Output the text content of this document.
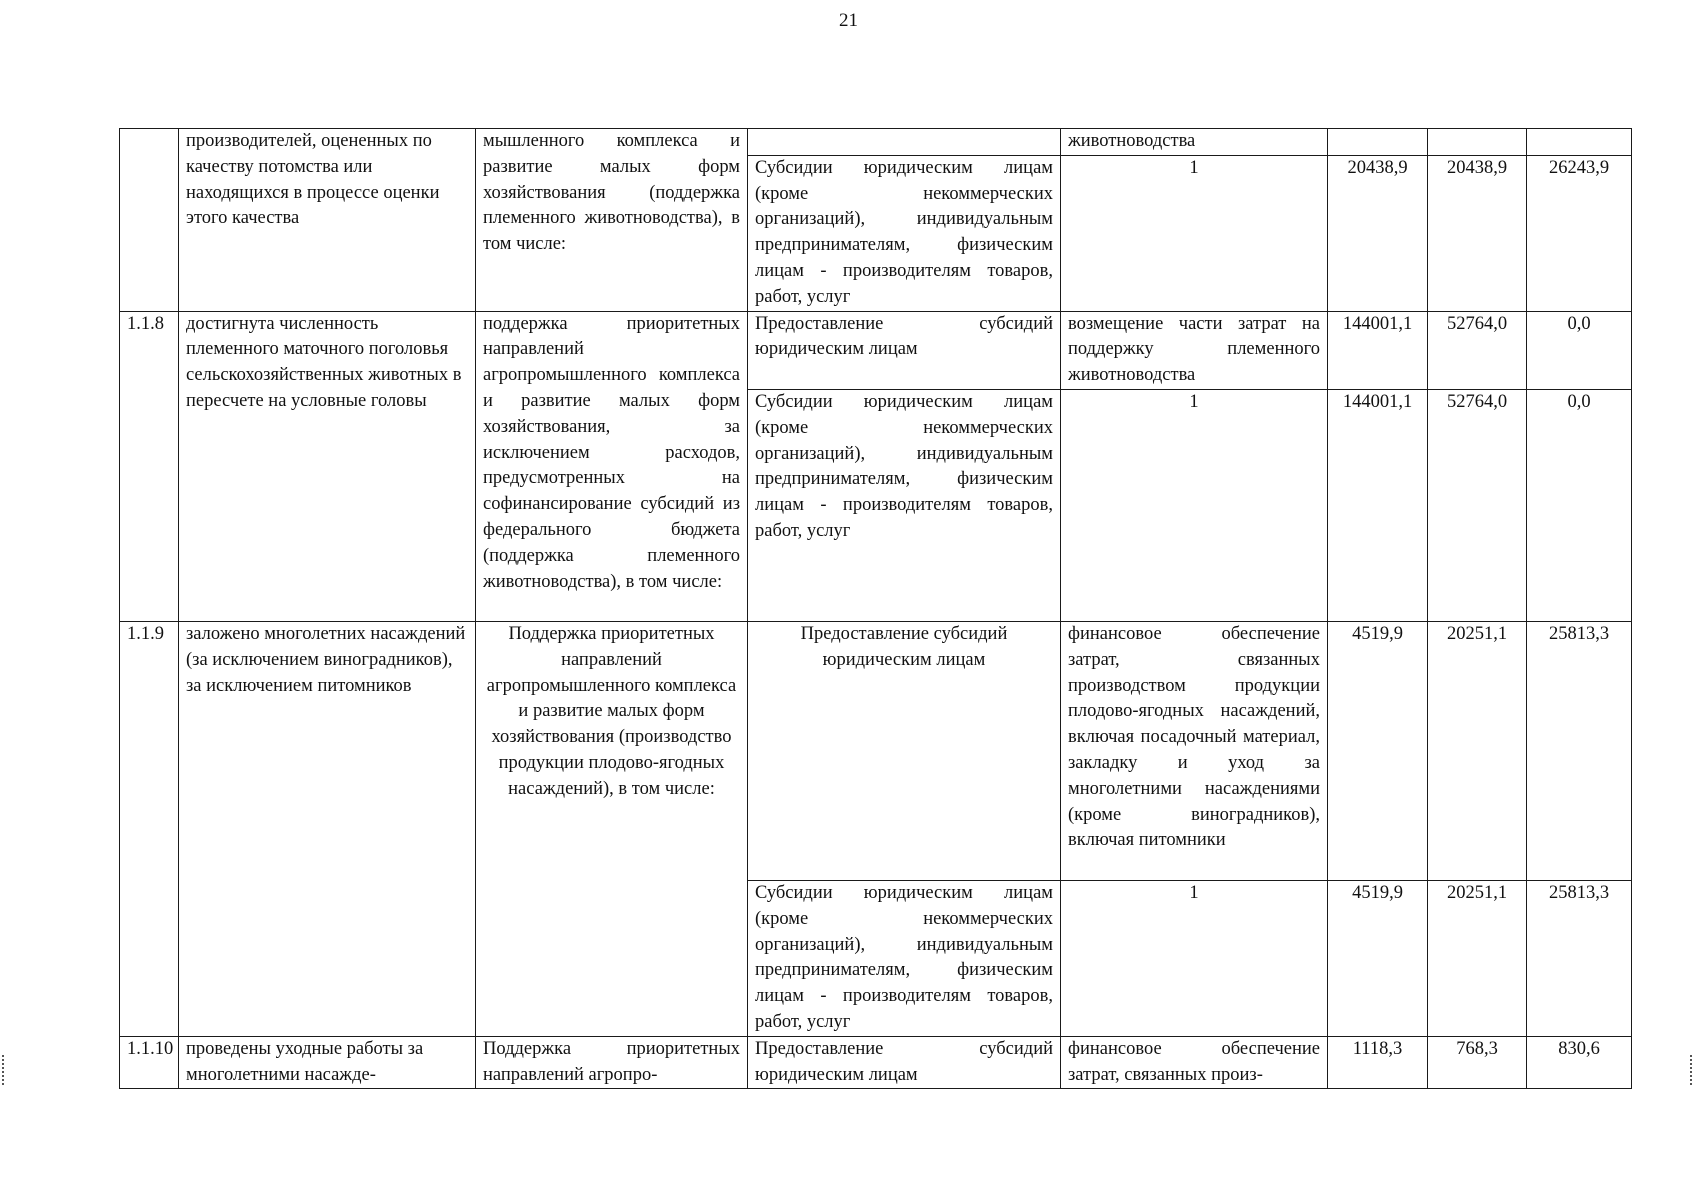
21
	производителей, оцененных по качеству потомства или находящихся в процессе оценки этого качества	мышленного комплекса и развитие малых форм хозяйствования (поддержка племенного животноводства), в том числе:		животноводства			
			Субсидии юридическим лицам (кроме некоммерческих организаций), индивидуальным предпринимателям, физическим лицам - производителям товаров, работ, услуг	1	20438,9	20438,9	26243,9
1.1.8	достигнута численность племенного маточного поголовья сельскохозяйственных животных в пересчете на условные головы	поддержка приоритетных направлений агропромышленного комплекса и развитие малых форм хозяйствования, за исключением расходов, предусмотренных на софинансирование субсидий из федерального бюджета (поддержка племенного животноводства), в том числе:	Предоставление субсидий юридическим лицам	возмещение части затрат на поддержку племенного животноводства	144001,1	52764,0	0,0
			Субсидии юридическим лицам (кроме некоммерческих организаций), индивидуальным предпринимателям, физическим лицам - производителям товаров, работ, услуг	1	144001,1	52764,0	0,0
1.1.9	заложено многолетних насаждений (за исключением виноградников), за исключением питомников	Поддержка приоритетных направлений агропромышленного комплекса и развитие малых форм хозяйствования (производство продукции плодово-ягодных насаждений), в том числе:	Предоставление субсидий юридическим лицам	финансовое обеспечение затрат, связанных производством продукции плодово-ягодных насаждений, включая посадочный материал, закладку и уход за многолетними насаждениями (кроме виноградников), включая питомники	4519,9	20251,1	25813,3
			Субсидии юридическим лицам (кроме некоммерческих организаций), индивидуальным предпринимателям, физическим лицам - производителям товаров, работ, услуг	1	4519,9	20251,1	25813,3
1.1.10	проведены уходные работы за многолетними насажде-	Поддержка приоритетных направлений агропро-	Предоставление субсидий юридическим лицам	финансовое обеспечение затрат, связанных произ-	1118,3	768,3	830,6
